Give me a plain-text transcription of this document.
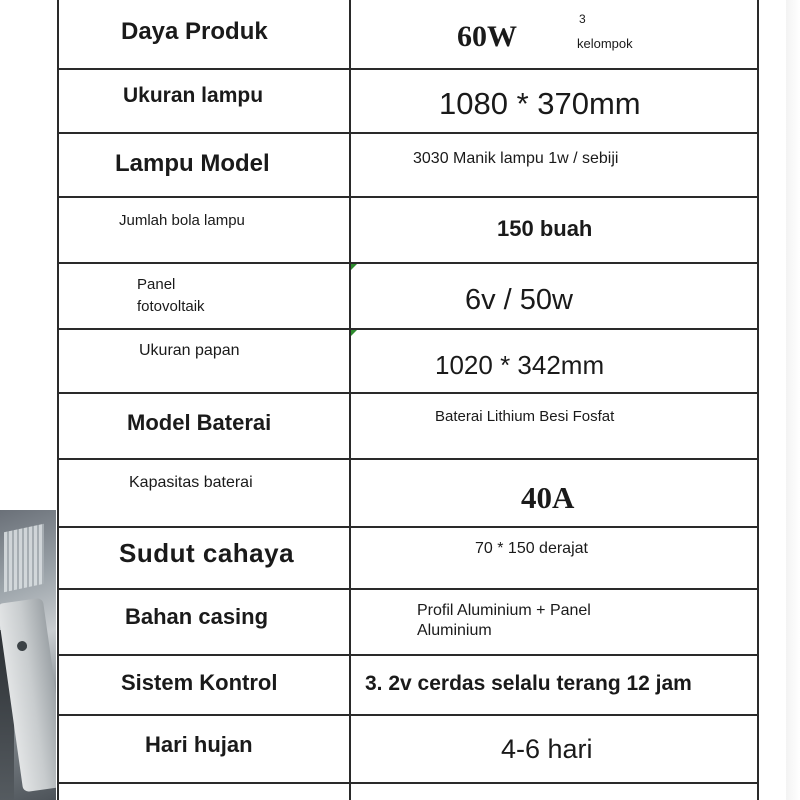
Daya Produk	60W
3
kelompok
Ukuran lampu	1080 * 370mm
Lampu Model	3030 Manik lampu 1w / sebiji
Jumlah bola lampu	150 buah
Panel
fotovoltaik	6v / 50w
Ukuran papan	1020 * 342mm
Model Baterai	Baterai Lithium Besi Fosfat
Kapasitas baterai	40A
Sudut cahaya	70 * 150 derajat
Bahan casing	Profil Aluminium + Panel
Aluminium
Sistem Kontrol	3. 2v cerdas selalu terang 12 jam
Hari hujan	4-6 hari
